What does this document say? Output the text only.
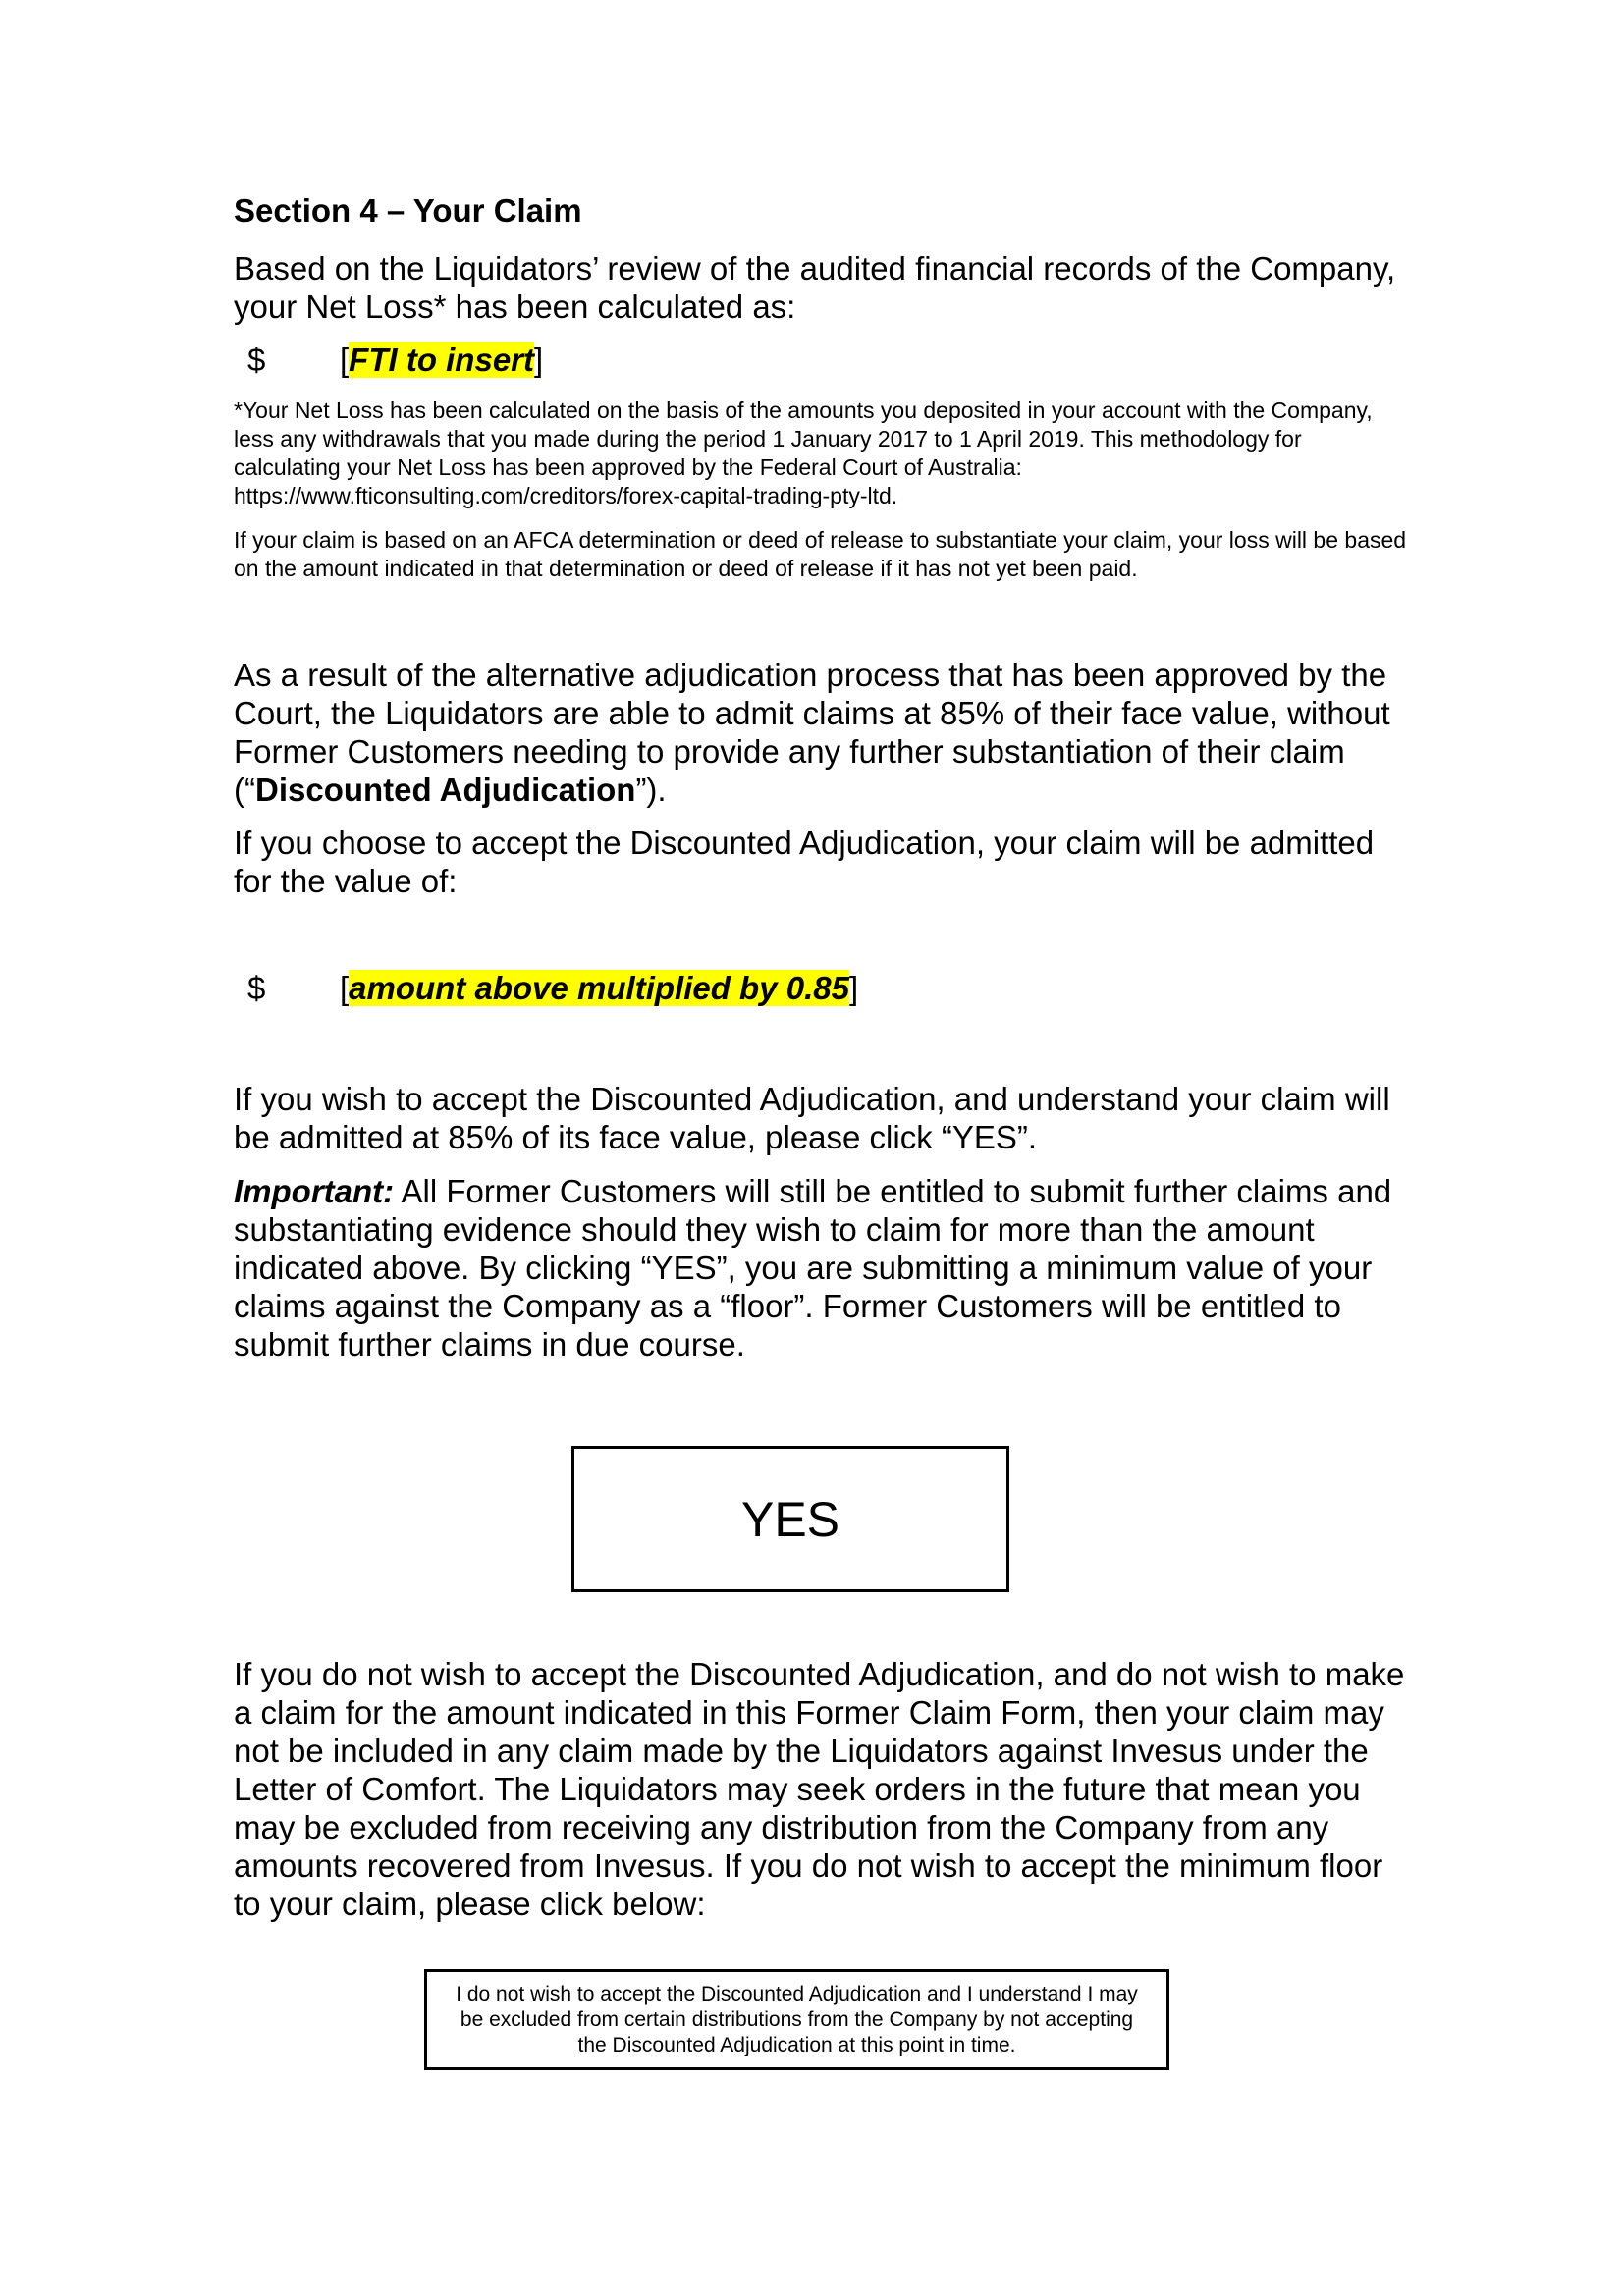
Section 4 – Your Claim

Based on the Liquidators’ review of the audited financial records of the Company, your Net Loss* has been calculated as:

$ [FTI to insert]

*Your Net Loss has been calculated on the basis of the amounts you deposited in your account with the Company, less any withdrawals that you made during the period 1 January 2017 to 1 April 2019. This methodology for calculating your Net Loss has been approved by the Federal Court of Australia: https://www.fticonsulting.com/creditors/forex-capital-trading-pty-ltd.

If your claim is based on an AFCA determination or deed of release to substantiate your claim, your loss will be based on the amount indicated in that determination or deed of release if it has not yet been paid.

As a result of the alternative adjudication process that has been approved by the Court, the Liquidators are able to admit claims at 85% of their face value, without Former Customers needing to provide any further substantiation of their claim (“Discounted Adjudication”).

If you choose to accept the Discounted Adjudication, your claim will be admitted for the value of:

$ [amount above multiplied by 0.85]

If you wish to accept the Discounted Adjudication, and understand your claim will be admitted at 85% of its face value, please click “YES”.

Important: All Former Customers will still be entitled to submit further claims and substantiating evidence should they wish to claim for more than the amount indicated above. By clicking “YES”, you are submitting a minimum value of your claims against the Company as a “floor”. Former Customers will be entitled to submit further claims in due course.

YES

If you do not wish to accept the Discounted Adjudication, and do not wish to make a claim for the amount indicated in this Former Claim Form, then your claim may not be included in any claim made by the Liquidators against Invesus under the Letter of Comfort. The Liquidators may seek orders in the future that mean you may be excluded from receiving any distribution from the Company from any amounts recovered from Invesus. If you do not wish to accept the minimum floor to your claim, please click below:

I do not wish to accept the Discounted Adjudication and I understand I may be excluded from certain distributions from the Company by not accepting the Discounted Adjudication at this point in time.
